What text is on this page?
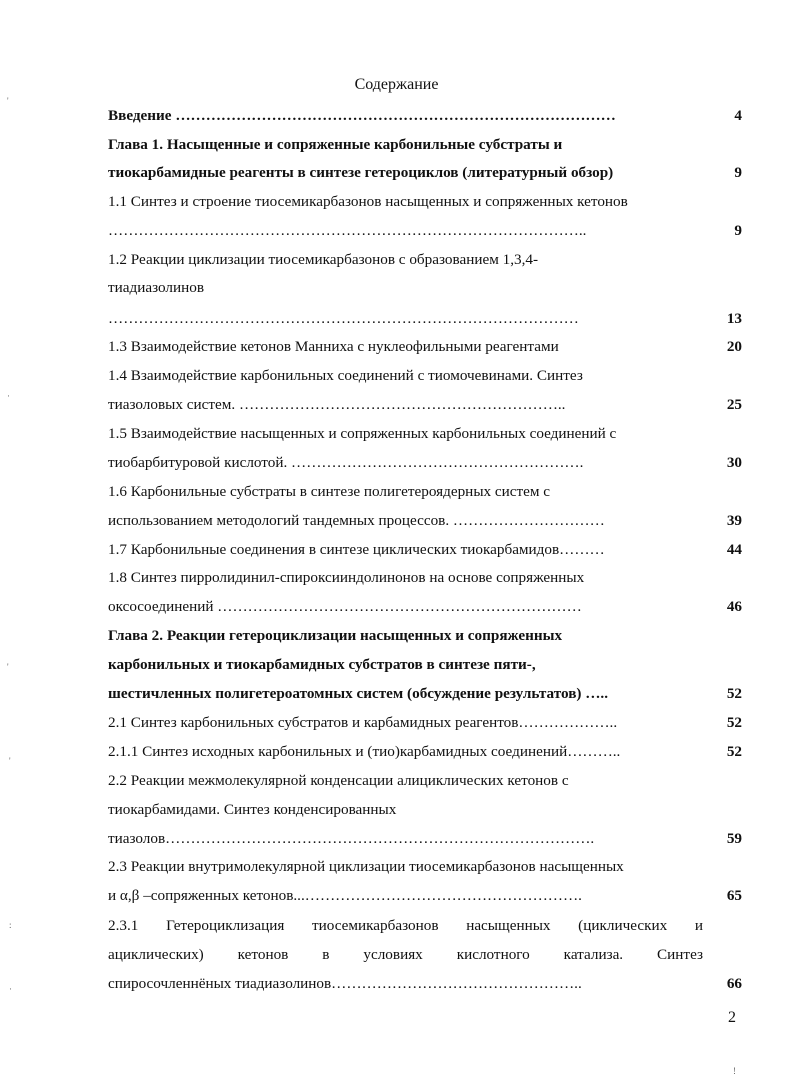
Содержание
Введение ……………………………………………………………………………
Глава 1. Насыщенные и сопряженные карбонильные субстраты и
тиокарбамидные реагенты в синтезе гетероциклов (литературный обзор)
1.1 Синтез и строение тиосемикарбазонов насыщенных и сопряженных кетонов
…………………………………………………………………………………..
1.2 Реакции циклизации тиосемикарбазонов с образованием 1,3,4-
тиадиазолинов
…………………………………………………………………………………
1.3 Взаимодействие кетонов Манниха с нуклеофильными реагентами
1.4 Взаимодействие карбонильных соединений с тиомочевинами. Синтез
тиазоловых систем. ………………………………………………………..
1.5 Взаимодействие насыщенных и сопряженных карбонильных соединений с
тиобарбитуровой кислотой. ………………………………………………….
1.6 Карбонильные субстраты в синтезе полигетероядерных систем с
использованием методологий тандемных процессов. …………………………
1.7 Карбонильные соединения в синтезе циклических тиокарбамидов………
1.8 Синтез пирролидинил-спироксииндолинонов на основе сопряженных
оксосоединений ………………………………………………………………
Глава 2. Реакции гетероциклизации насыщенных и сопряженных
карбонильных и тиокарбамидных субстратов в синтезе пяти-,
шестичленных полигетероатомных систем (обсуждение результатов) …..
2.1 Синтез карбонильных субстратов и карбамидных реагентов………………..
2.1.1 Синтез исходных карбонильных и (тио)карбамидных соединений………..
2.2 Реакции межмолекулярной конденсации алициклических кетонов с
тиокарбамидами. Синтез конденсированных
тиазолов………………………………………………………………………….
2.3 Реакции внутримолекулярной циклизации тиосемикарбазонов насыщенных
и α,β –сопряженных кетонов...……………………………………………….
2.3.1 Гетероциклизация тиосемикарбазонов насыщенных (циклических и
ациклических) кетонов в условиях кислотного катализа. Синтез
спиросочленнёных тиадиазолинов…………………………………………..
4
9
9
13
20
25
30
39
44
46
52
52
52
59
65
66
2
'
·
'
'
:
·
!
